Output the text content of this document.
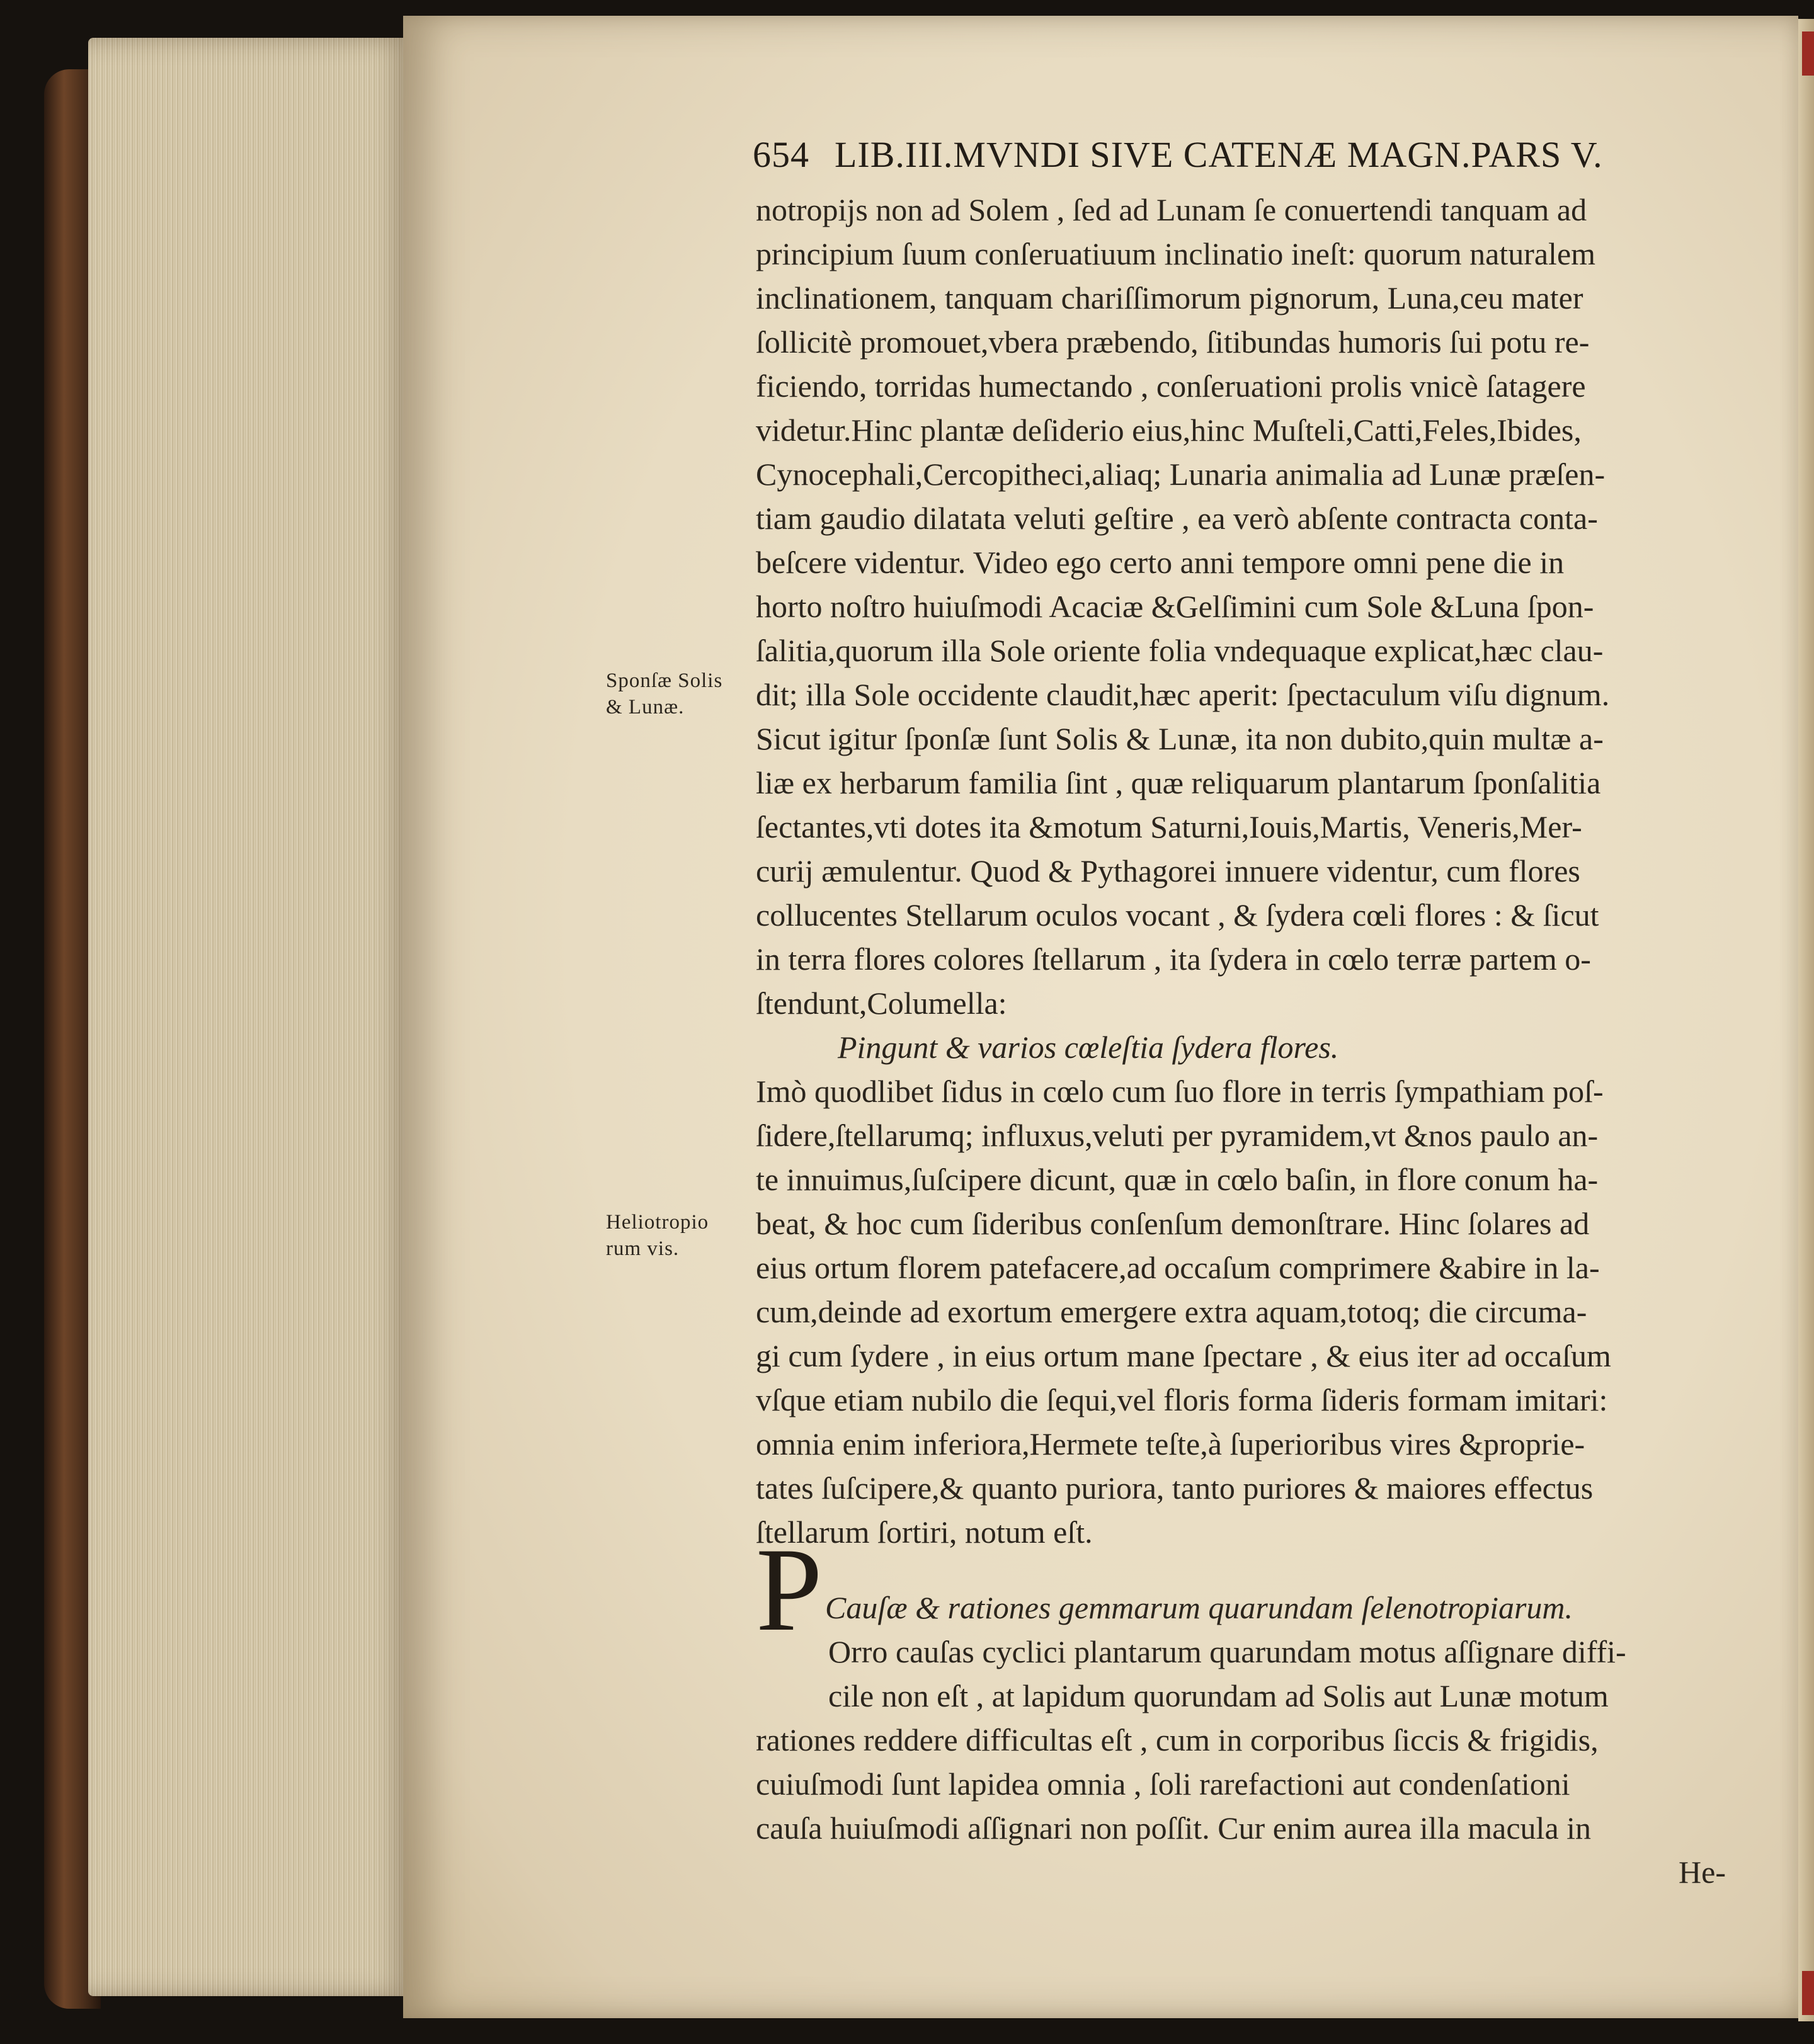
654 LIB.III.MVNDI SIVE CATENÆ MAGN.PARS V.
Sponſæ Solis
& Lunæ.
Heliotropio
rum vis.
P
notropijs non ad Solem , ſed ad Lunam ſe conuertendi tanquam ad
principium ſuum conſeruatiuum inclinatio ineſt: quorum naturalem
inclinationem, tanquam chariſſimorum pignorum, Luna,ceu mater
ſollicitè promouet,vbera præbendo, ſitibundas humoris ſui potu re-
ficiendo, torridas humectando , conſeruationi prolis vnicè ſatagere
videtur.Hinc plantæ deſiderio eius,hinc Muſteli,Catti,Feles,Ibides,
Cynocephali,Cercopitheci,aliaq; Lunaria animalia ad Lunæ præſen-
tiam gaudio dilatata veluti geſtire , ea verò abſente contracta conta-
beſcere videntur. Video ego certo anni tempore omni pene die in
horto noſtro huiuſmodi Acaciæ &Gelſimini cum Sole &Luna ſpon-
ſalitia,quorum illa Sole oriente folia vndequaque explicat,hæc clau-
dit; illa Sole occidente claudit,hæc aperit: ſpectaculum viſu dignum.
Sicut igitur ſponſæ ſunt Solis & Lunæ, ita non dubito,quin multæ a-
liæ ex herbarum familia ſint , quæ reliquarum plantarum ſponſalitia
ſectantes,vti dotes ita &motum Saturni,Iouis,Martis, Veneris,Mer-
curij æmulentur. Quod & Pythagorei innuere videntur, cum flores
collucentes Stellarum oculos vocant , & ſydera cœli flores : & ſicut
in terra flores colores ſtellarum , ita ſydera in cœlo terræ partem o-
ſtendunt,Columella:
Pingunt & varios cœleſtia ſydera flores.
Imò quodlibet ſidus in cœlo cum ſuo flore in terris ſympathiam poſ-
ſidere,ſtellarumq; influxus,veluti per pyramidem,vt &nos paulo an-
te innuimus,ſuſcipere dicunt, quæ in cœlo baſin, in flore conum ha-
beat, & hoc cum ſideribus conſenſum demonſtrare. Hinc ſolares ad
eius ortum florem patefacere,ad occaſum comprimere &abire in la-
cum,deinde ad exortum emergere extra aquam,totoq; die circuma-
gi cum ſydere , in eius ortum mane ſpectare , & eius iter ad occaſum
vſque etiam nubilo die ſequi,vel floris forma ſideris formam imitari:
omnia enim inferiora,Hermete teſte,à ſuperioribus vires &proprie-
tates ſuſcipere,& quanto puriora, tanto puriores & maiores effectus
ſtellarum ſortiri, notum eſt.
Cauſæ & rationes gemmarum quarundam ſelenotropiarum.
Orro cauſas cyclici plantarum quarundam motus aſſignare diffi-
cile non eſt , at lapidum quorundam ad Solis aut Lunæ motum
rationes reddere difficultas eſt , cum in corporibus ſiccis & frigidis,
cuiuſmodi ſunt lapidea omnia , ſoli rarefactioni aut condenſationi
cauſa huiuſmodi aſſignari non poſſit. Cur enim aurea illa macula in
He-
